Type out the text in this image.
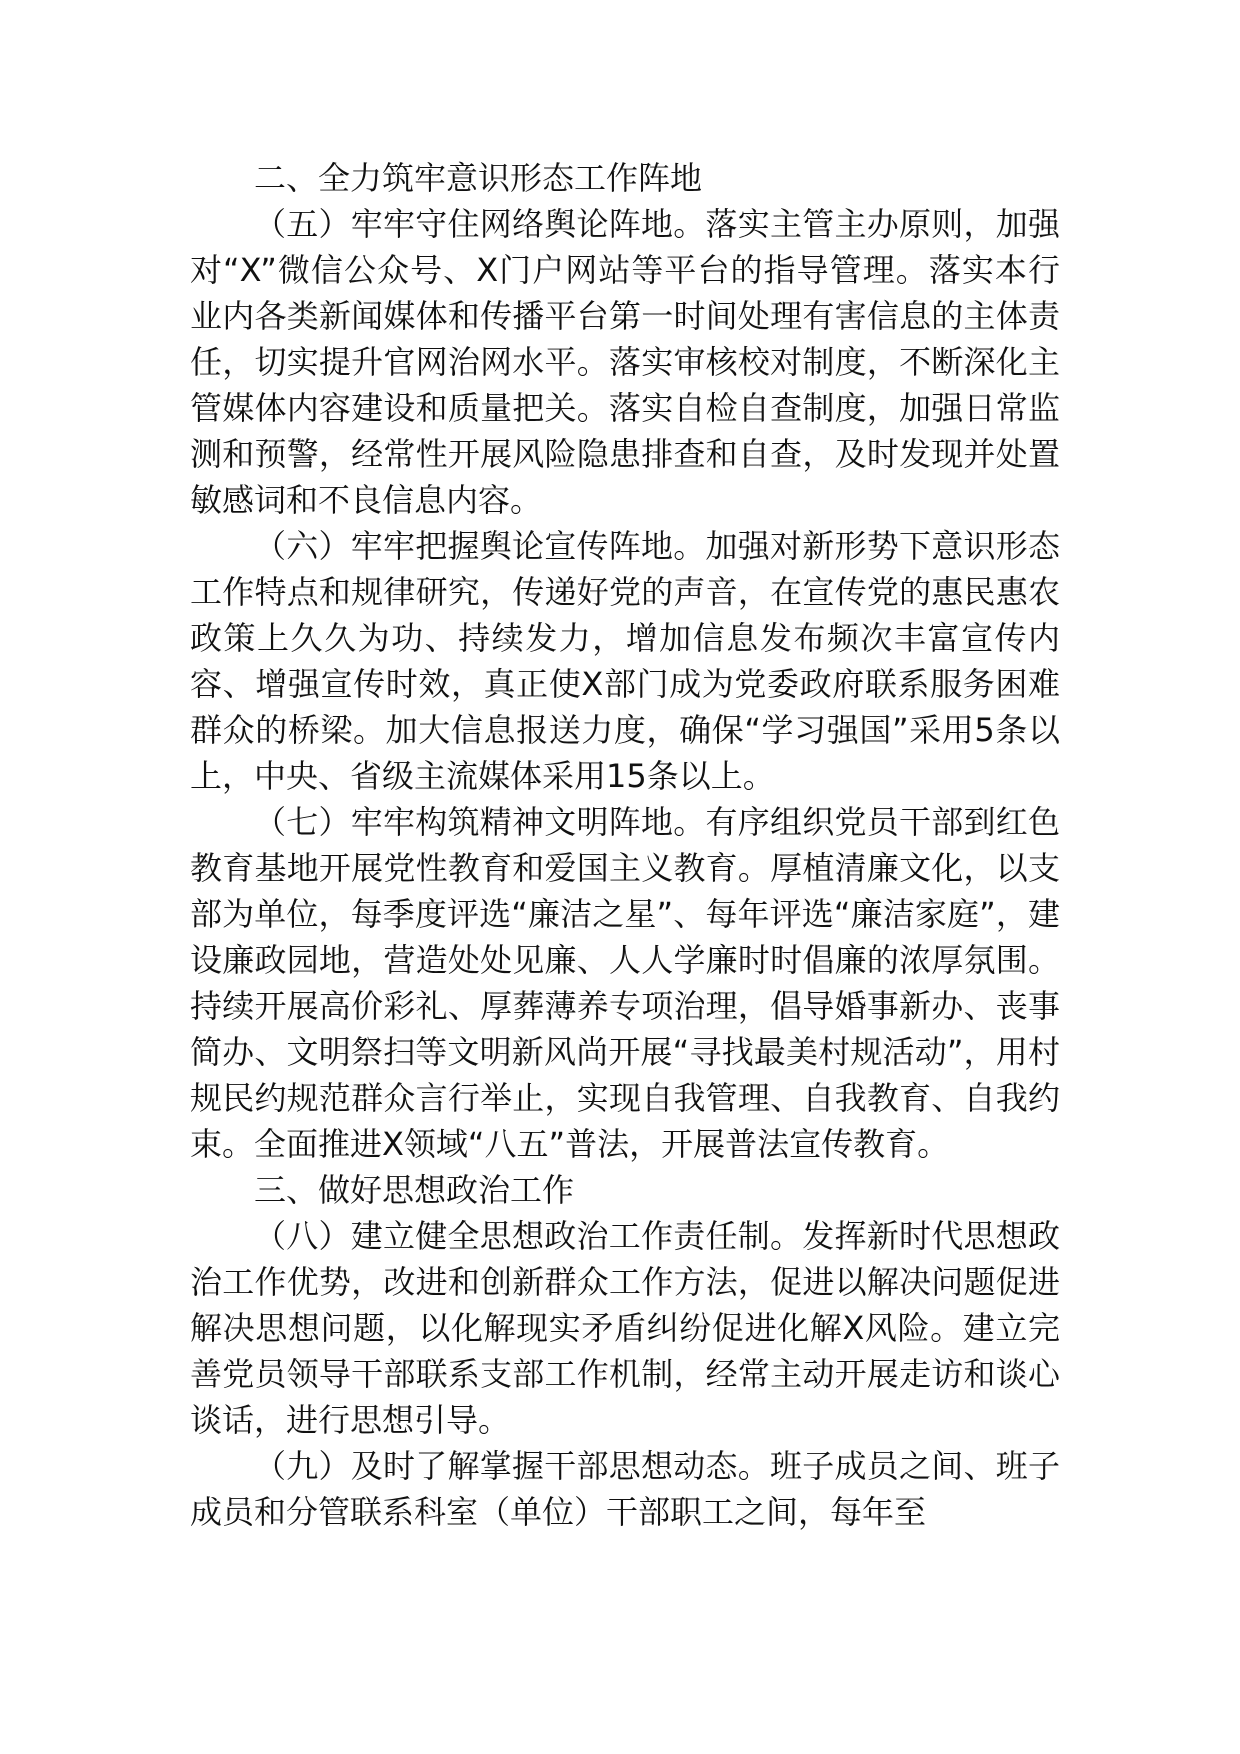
二、全力筑牢意识形态工作阵地

（五）牢牢守住网络舆论阵地。落实主管主办原则，加强对“X”微信公众号、X门户网站等平台的指导管理。落实本行业内各类新闻媒体和传播平台第一时间处理有害信息的主体责任，切实提升官网治网水平。落实审核校对制度，不断深化主管媒体内容建设和质量把关。落实自检自查制度，加强日常监测和预警，经常性开展风险隐患排查和自查，及时发现并处置敏感词和不良信息内容。

（六）牢牢把握舆论宣传阵地。加强对新形势下意识形态工作特点和规律研究，传递好党的声音，在宣传党的惠民惠农政策上久久为功、持续发力，增加信息发布频次丰富宣传内容、增强宣传时效，真正使X部门成为党委政府联系服务困难群众的桥梁。加大信息报送力度，确保“学习强国”采用5条以上，中央、省级主流媒体采用15条以上。

（七）牢牢构筑精神文明阵地。有序组织党员干部到红色教育基地开展党性教育和爱国主义教育。厚植清廉文化，以支部为单位，每季度评选“廉洁之星”、每年评选“廉洁家庭”，建设廉政园地，营造处处见廉、人人学廉时时倡廉的浓厚氛围。持续开展高价彩礼、厚葬薄养专项治理，倡导婚事新办、丧事简办、文明祭扫等文明新风尚开展“寻找最美村规活动”，用村规民约规范群众言行举止，实现自我管理、自我教育、自我约束。全面推进X领域“八五”普法，开展普法宣传教育。

三、做好思想政治工作

（八）建立健全思想政治工作责任制。发挥新时代思想政治工作优势，改进和创新群众工作方法，促进以解决问题促进解决思想问题，以化解现实矛盾纠纷促进化解X风险。建立完善党员领导干部联系支部工作机制，经常主动开展走访和谈心谈话，进行思想引导。

（九）及时了解掌握干部思想动态。班子成员之间、班子成员和分管联系科室（单位）干部职工之间，每年至
